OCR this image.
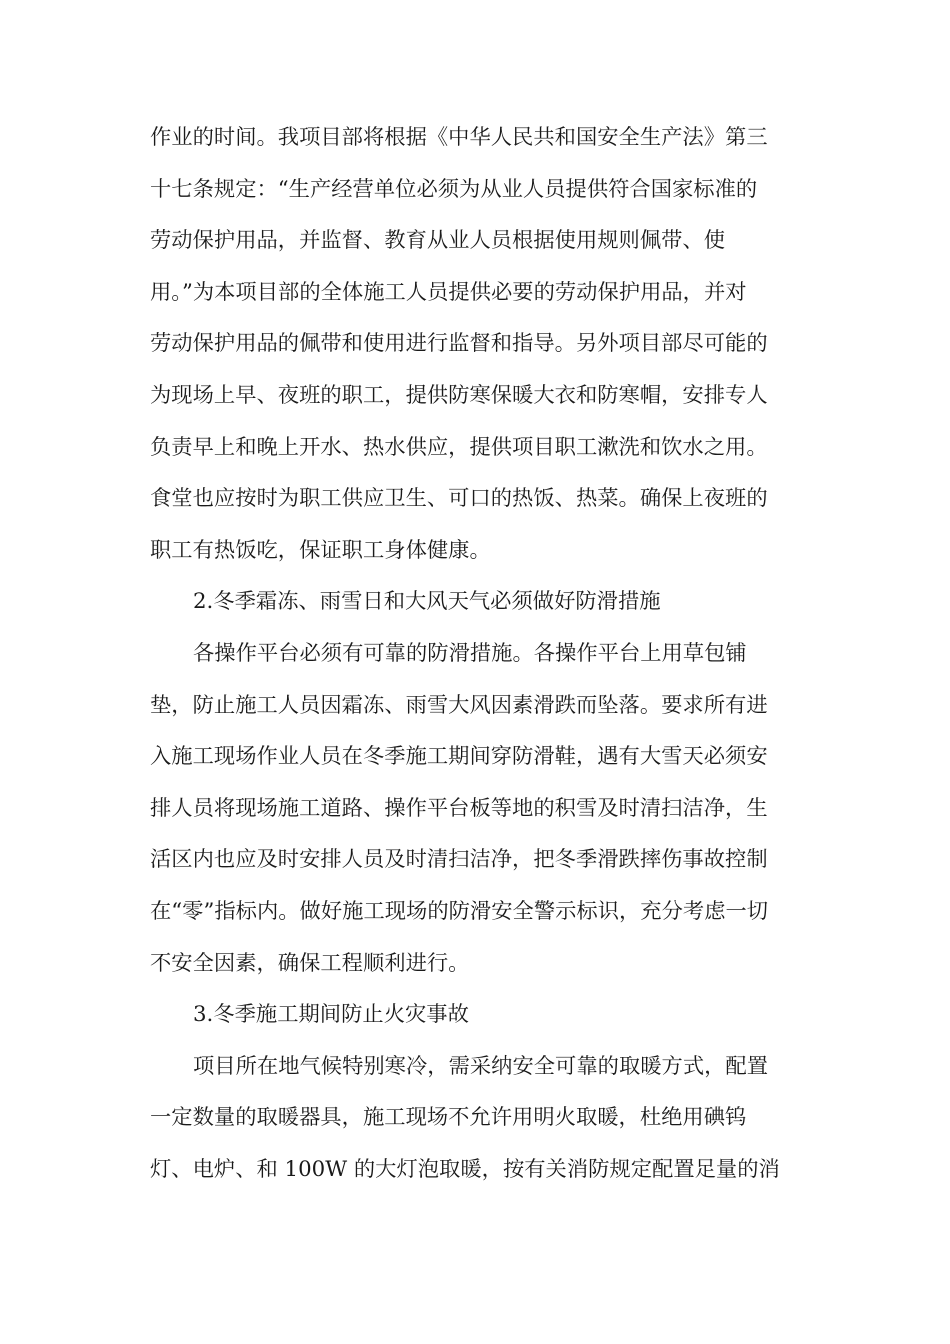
作业的时间。我项目部将根据《中华人民共和国安全生产法》第三
十七条规定：“生产经营单位必须为从业人员提供符合国家标准的
劳动保护用品，并监督、教育从业人员根据使用规则佩带、使
用。”为本项目部的全体施工人员提供必要的劳动保护用品，并对
劳动保护用品的佩带和使用进行监督和指导。另外项目部尽可能的
为现场上早、夜班的职工，提供防寒保暖大衣和防寒帽，安排专人
负责早上和晚上开水、热水供应，提供项目职工漱洗和饮水之用。
食堂也应按时为职工供应卫生、可口的热饭、热菜。确保上夜班的
职工有热饭吃，保证职工身体健康。
2.冬季霜冻、雨雪日和大风天气必须做好防滑措施
各操作平台必须有可靠的防滑措施。各操作平台上用草包铺
垫，防止施工人员因霜冻、雨雪大风因素滑跌而坠落。要求所有进
入施工现场作业人员在冬季施工期间穿防滑鞋，遇有大雪天必须安
排人员将现场施工道路、操作平台板等地的积雪及时清扫洁净，生
活区内也应及时安排人员及时清扫洁净，把冬季滑跌摔伤事故控制
在“零”指标内。做好施工现场的防滑安全警示标识，充分考虑一切
不安全因素，确保工程顺利进行。
3.冬季施工期间防止火灾事故
项目所在地气候特别寒冷，需采纳安全可靠的取暖方式，配置
一定数量的取暖器具，施工现场不允许用明火取暖，杜绝用碘钨
灯、电炉、和 100W 的大灯泡取暖，按有关消防规定配置足量的消
